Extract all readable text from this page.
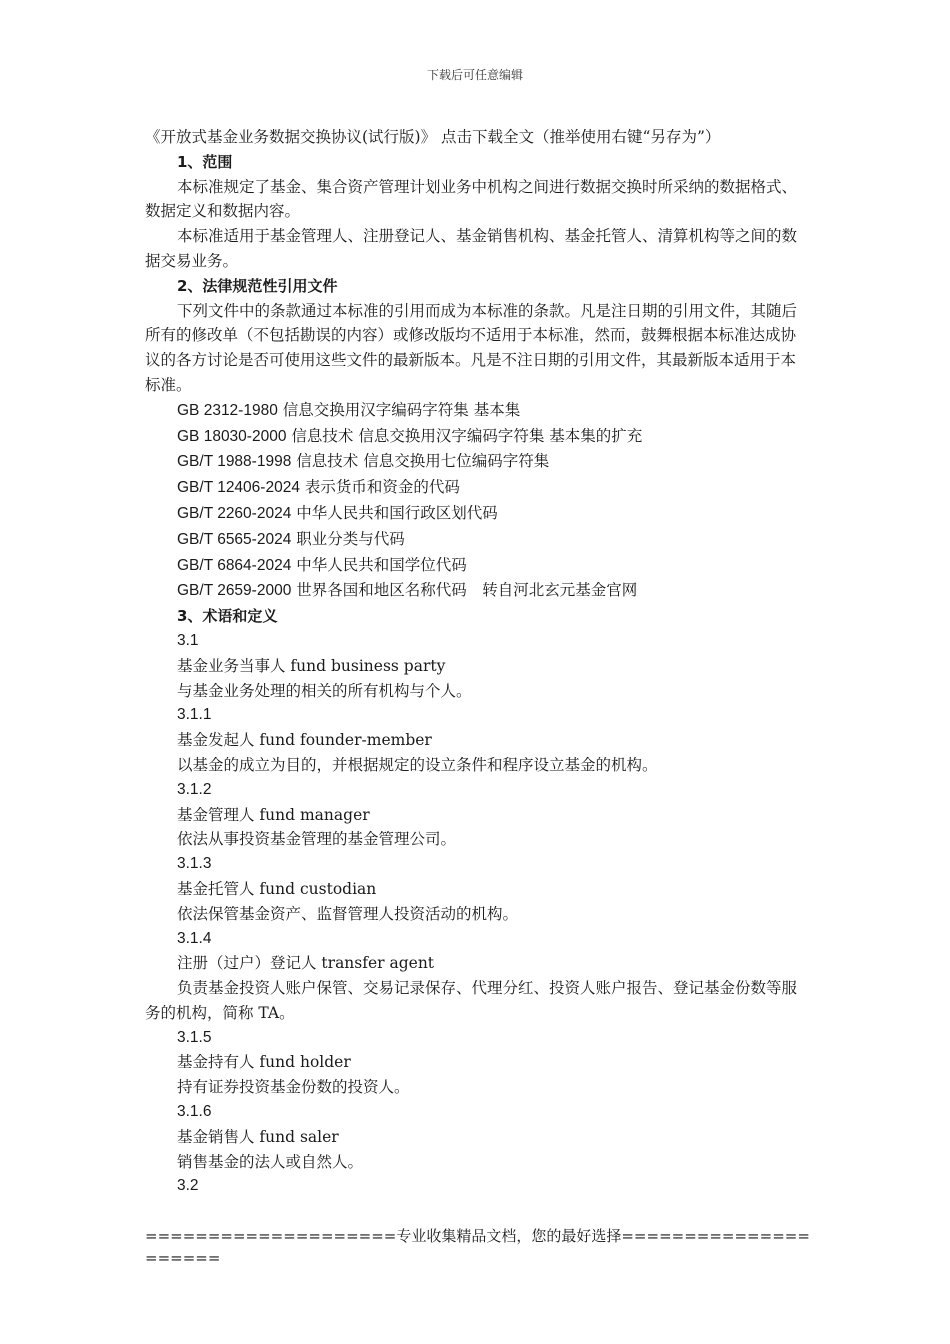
下载后可任意编辑

《开放式基金业务数据交换协议(试行版)》 点击下载全文（推举使用右键“另存为”）

1、范围

本标准规定了基金、集合资产管理计划业务中机构之间进行数据交换时所采纳的数据格式、数据定义和数据内容。

本标准适用于基金管理人、注册登记人、基金销售机构、基金托管人、清算机构等之间的数据交易业务。

2、法律规范性引用文件

下列文件中的条款通过本标准的引用而成为本标准的条款。凡是注日期的引用文件，其随后所有的修改单（不包括勘误的内容）或修改版均不适用于本标准，然而，鼓舞根据本标准达成协议的各方讨论是否可使用这些文件的最新版本。凡是不注日期的引用文件，其最新版本适用于本标准。

GB 2312-1980 信息交换用汉字编码字符集 基本集

GB 18030-2000 信息技术 信息交换用汉字编码字符集 基本集的扩充

GB/T 1988-1998 信息技术 信息交换用七位编码字符集

GB/T 12406-2024 表示货币和资金的代码

GB/T 2260-2024 中华人民共和国行政区划代码

GB/T 6565-2024 职业分类与代码

GB/T 6864-2024 中华人民共和国学位代码

GB/T 2659-2000 世界各国和地区名称代码　转自河北玄元基金官网

3、术语和定义

3.1

基金业务当事人 fund business party

与基金业务处理的相关的所有机构与个人。

3.1.1

基金发起人 fund founder-member

以基金的成立为目的，并根据规定的设立条件和程序设立基金的机构。

3.1.2

基金管理人 fund manager

依法从事投资基金管理的基金管理公司。

3.1.3

基金托管人 fund custodian

依法保管基金资产、监督管理人投资活动的机构。

3.1.4

注册（过户）登记人 transfer agent

负责基金投资人账户保管、交易记录保存、代理分红、投资人账户报告、登记基金份数等服务的机构，简称 TA。

3.1.5

基金持有人 fund holder

持有证券投资基金份数的投资人。

3.1.6

基金销售人 fund saler

销售基金的法人或自然人。

3.2

====================专业收集精品文档，您的最好选择=====================
